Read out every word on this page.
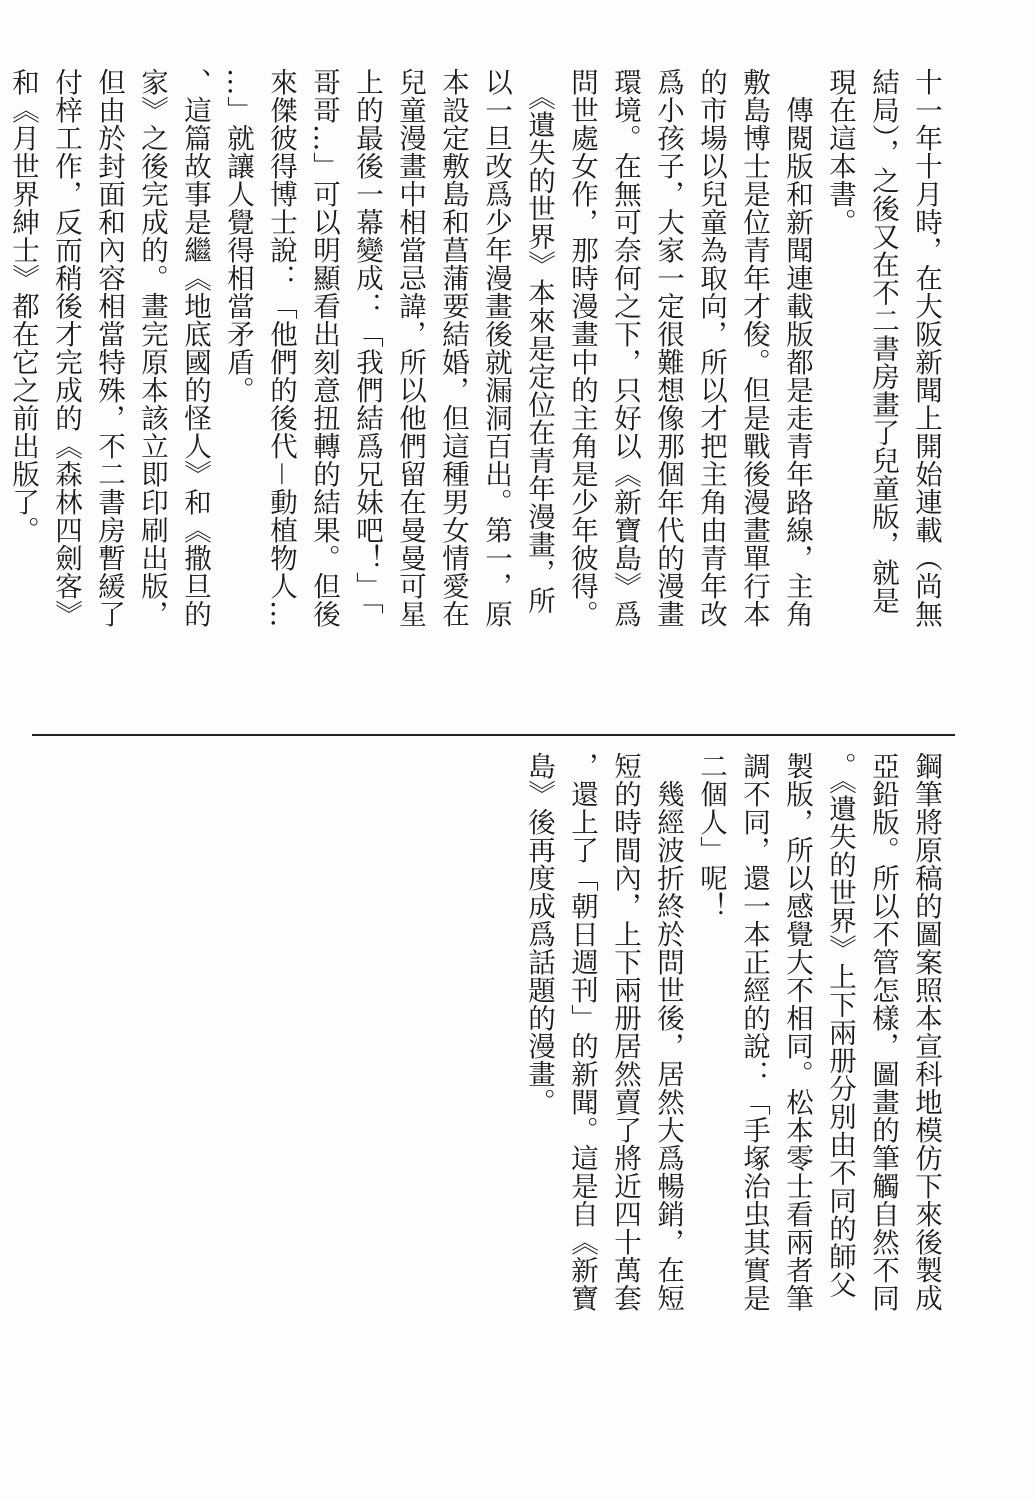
十一年十月時，在大阪新聞上開始連載（尚無
結局），之後又在不二書房畫了兒童版，就是
現在這本書。
　傳閱版和新聞連載版都是走青年路線，主角
敷島博士是位青年才俊。但是戰後漫畫單行本
的市場以兒童為取向，所以才把主角由青年改
爲小孩子，大家一定很難想像那個年代的漫畫
環境。在無可奈何之下，只好以《新寶島》爲
問世處女作，那時漫畫中的主角是少年彼得。
　《遺失的世界》本來是定位在青年漫畫，所
以一旦改爲少年漫畫後就漏洞百出。第一，原
本設定敷島和菖蒲要結婚，但這種男女情愛在
兒童漫畫中相當忌諱，所以他們留在曼曼可星
上的最後一幕變成：「我們結爲兄妹吧！」「
哥哥…」可以明顯看出刻意扭轉的結果。但後
來傑彼得博士說：「他們的後代－動植物人…
…」就讓人覺得相當矛盾。
、這篇故事是繼《地底國的怪人》和《撒旦的
家》之後完成的。畫完原本該立即印刷出版，
但由於封面和內容相當特殊，不二書房暫緩了
付梓工作，反而稍後才完成的《森林四劍客》
和《月世界紳士》都在它之前出版了。
鋼筆將原稿的圖案照本宣科地模仿下來後製成
亞鉛版。所以不管怎樣，圖畫的筆觸自然不同
。《遺失的世界》上下兩册分別由不同的師父
製版，所以感覺大不相同。松本零士看兩者筆
調不同，還一本正經的說：「手塚治虫其實是
二個人」呢！
　幾經波折終於問世後，居然大爲暢銷，在短
短的時間內，上下兩册居然賣了將近四十萬套
，還上了「朝日週刊」的新聞。這是自《新寶
島》後再度成爲話題的漫畫。
